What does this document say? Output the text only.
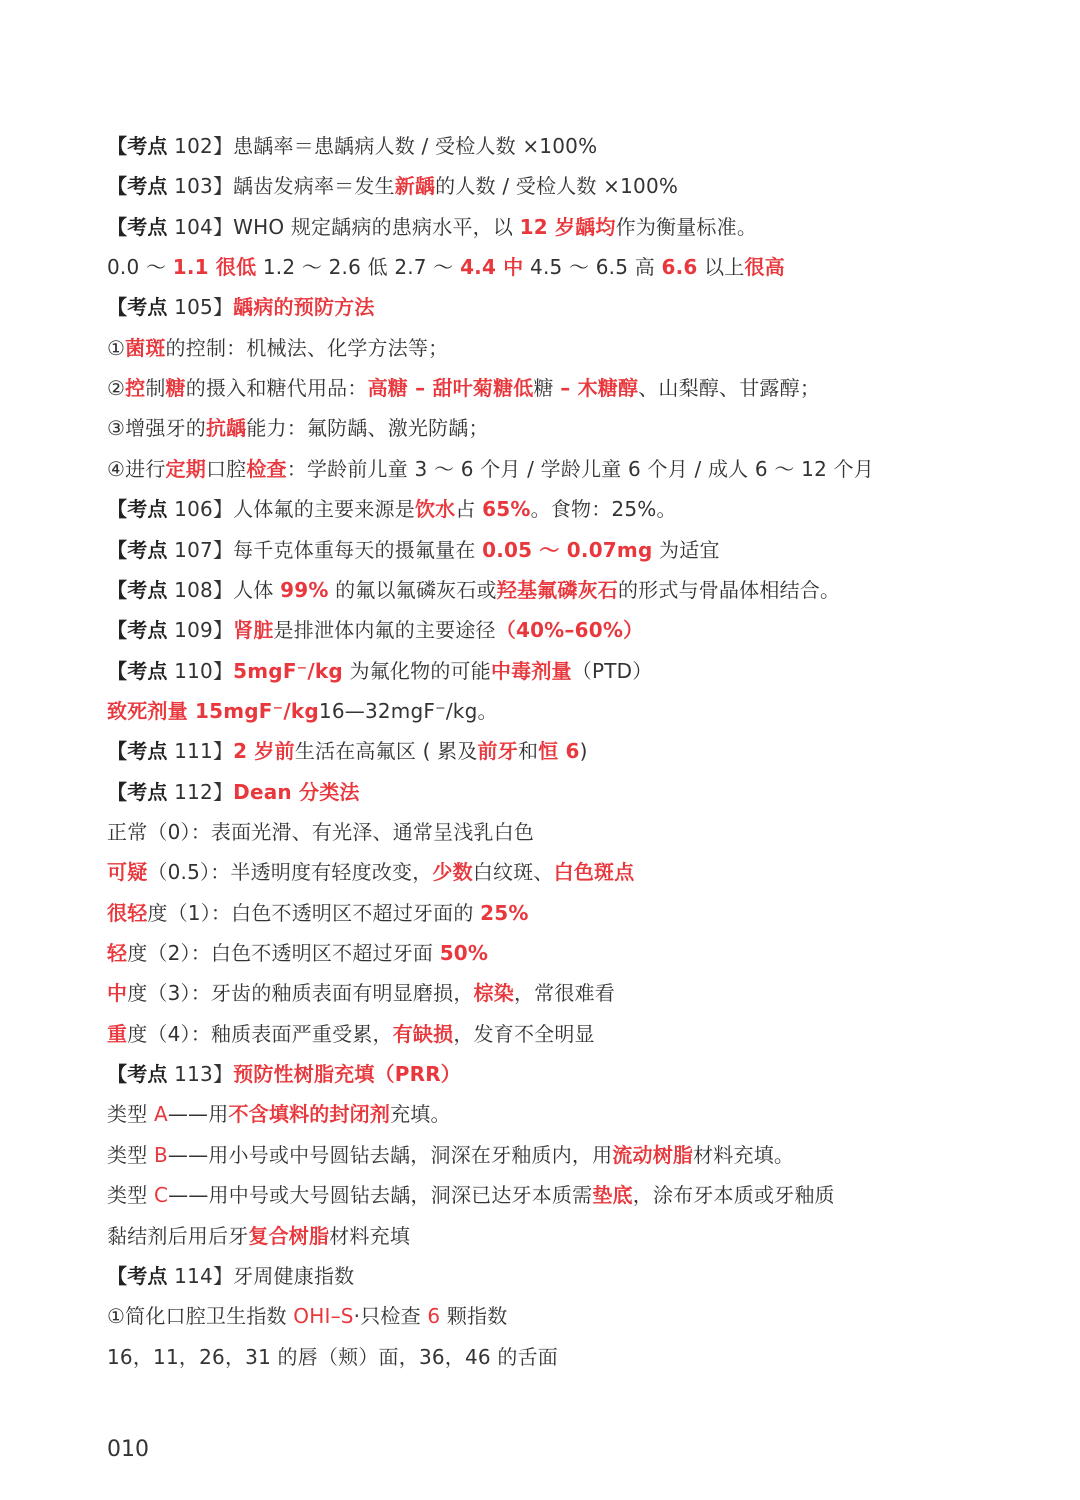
【考点 102】患龋率＝患龋病人数 / 受检人数 ×100%
【考点 103】龋齿发病率＝发生新龋的人数 / 受检人数 ×100%
【考点 104】WHO 规定龋病的患病水平，以 12 岁龋均作为衡量标准。
0.0 ～ 1.1 很低 1.2 ～ 2.6 低 2.7 ～ 4.4 中 4.5 ～ 6.5 高 6.6 以上很高
【考点 105】龋病的预防方法
①菌斑的控制：机械法、化学方法等；
②控制糖的摄入和糖代用品：高糖 – 甜叶菊糖低糖 – 木糖醇、山梨醇、甘露醇；
③增强牙的抗龋能力：氟防龋、激光防龋；
④进行定期口腔检查：学龄前儿童 3 ～ 6 个月 / 学龄儿童 6 个月 / 成人 6 ～ 12 个月
【考点 106】人体氟的主要来源是饮水占 65%。食物：25%。
【考点 107】每千克体重每天的摄氟量在 0.05 ～ 0.07mg 为适宜
【考点 108】人体 99% 的氟以氟磷灰石或羟基氟磷灰石的形式与骨晶体相结合。
【考点 109】肾脏是排泄体内氟的主要途径（40%–60%）
【考点 110】5mgF⁻/kg 为氟化物的可能中毒剂量（PTD）
致死剂量 15mgF⁻/kg16—32mgF⁻/kg。
【考点 111】2 岁前生活在高氟区 ( 累及前牙和恒 6)
【考点 112】Dean 分类法
正常（0）：表面光滑、有光泽、通常呈浅乳白色
可疑（0.5）：半透明度有轻度改变，少数白纹斑、白色斑点
很轻度（1）：白色不透明区不超过牙面的 25%
轻度（2）：白色不透明区不超过牙面 50%
中度（3）：牙齿的釉质表面有明显磨损，棕染，常很难看
重度（4）：釉质表面严重受累，有缺损，发育不全明显
【考点 113】预防性树脂充填（PRR）
类型 A——用不含填料的封闭剂充填。
类型 B——用小号或中号圆钻去龋，洞深在牙釉质内，用流动树脂材料充填。
类型 C——用中号或大号圆钻去龋，洞深已达牙本质需垫底，涂布牙本质或牙釉质
黏结剂后用后牙复合树脂材料充填
【考点 114】牙周健康指数
①简化口腔卫生指数 OHI–S·只检查 6 颗指数
16，11，26，31 的唇（颊）面，36，46 的舌面
010
